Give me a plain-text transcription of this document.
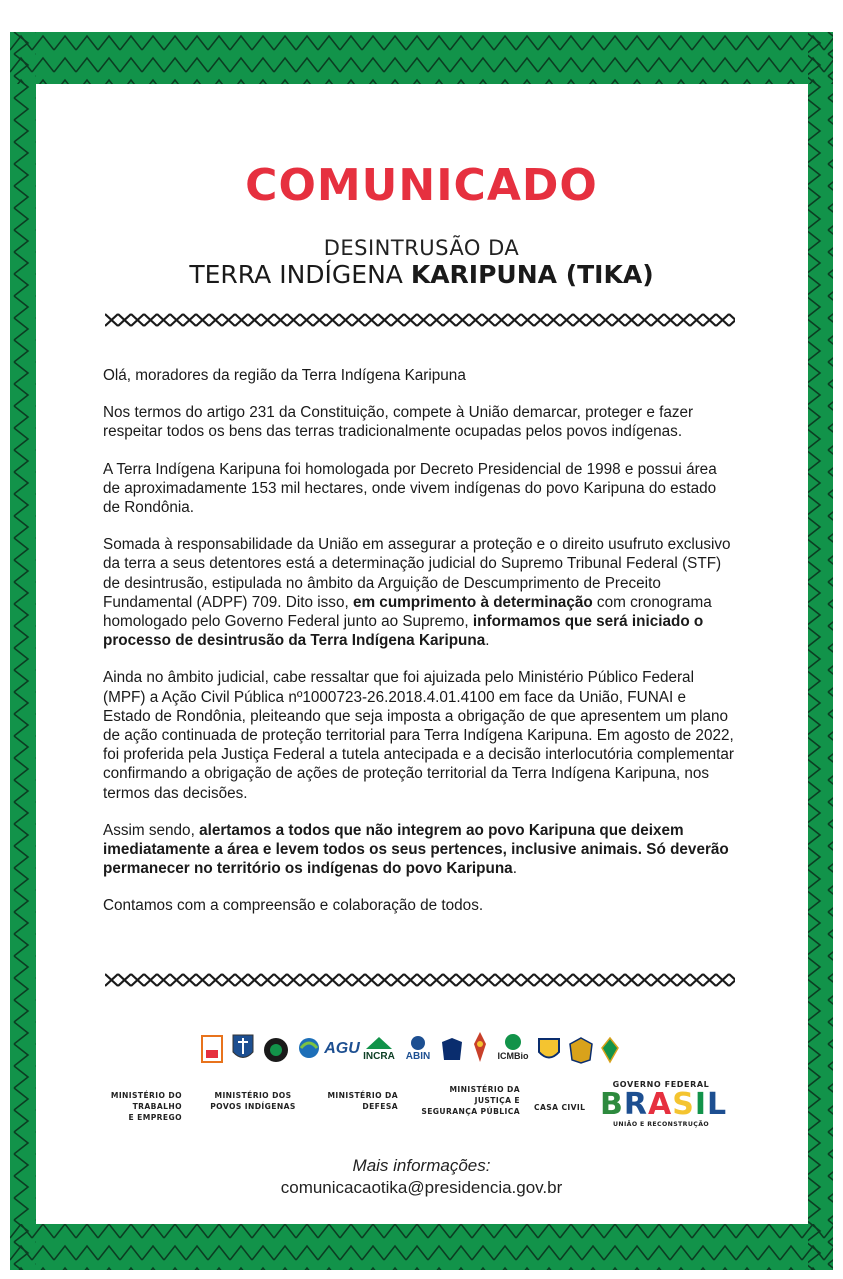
COMUNICADO
DESINTRUSÃO DA
TERRA INDÍGENA KARIPUNA (TIKA)

Olá, moradores da região da Terra Indígena Karipuna

Nos termos do artigo 231 da Constituição, compete à União demarcar, proteger e fazer respeitar todos os bens das terras tradicionalmente ocupadas pelos povos indígenas.

A Terra Indígena Karipuna foi homologada por Decreto Presidencial de 1998 e possui área de aproximadamente 153 mil hectares, onde vivem indígenas do povo Karipuna do estado de Rondônia.

Somada à responsabilidade da União em assegurar a proteção e o direito usufruto exclusivo da terra a seus detentores está a determinação judicial do Supremo Tribunal Federal (STF) de desintrusão, estipulada no âmbito da Arguição de Descumprimento de Preceito Fundamental (ADPF) 709. Dito isso, em cumprimento à determinação com cronograma homologado pelo Governo Federal junto ao Supremo, informamos que será iniciado o processo de desintrusão da Terra Indígena Karipuna.

Ainda no âmbito judicial, cabe ressaltar que foi ajuizada pelo Ministério Público Federal (MPF) a Ação Civil Pública nº1000723-26.2018.4.01.4100 em face da União, FUNAI e Estado de Rondônia, pleiteando que seja imposta a obrigação de que apresentem um plano de ação continuada de proteção territorial para Terra Indígena Karipuna. Em agosto de 2022, foi proferida pela Justiça Federal a tutela antecipada e a decisão interlocutória complementar confirmando a obrigação de ações de proteção territorial da Terra Indígena Karipuna, nos termos das decisões.

Assim sendo, alertamos a todos que não integrem ao povo Karipuna que deixem imediatamente a área e levem todos os seus pertences, inclusive animais. Só deverão permanecer no território os indígenas do povo Karipuna.

Contamos com a compreensão e colaboração de todos.

AGU INCRA ABIN	ICMBio
MINISTÉRIO DO
TRABALHO
E EMPREGO
MINISTÉRIO DOS
POVOS INDÍGENAS
MINISTÉRIO DA
DEFESA
MINISTÉRIO DA
JUSTIÇA E
SEGURANÇA PÚBLICA CASA CIVIL
GOVERNO FEDERAL
BRASIL
UNIÃO E RECONSTRUÇÃO
Mais informações:
comunicacaotika@presidencia.gov.br
